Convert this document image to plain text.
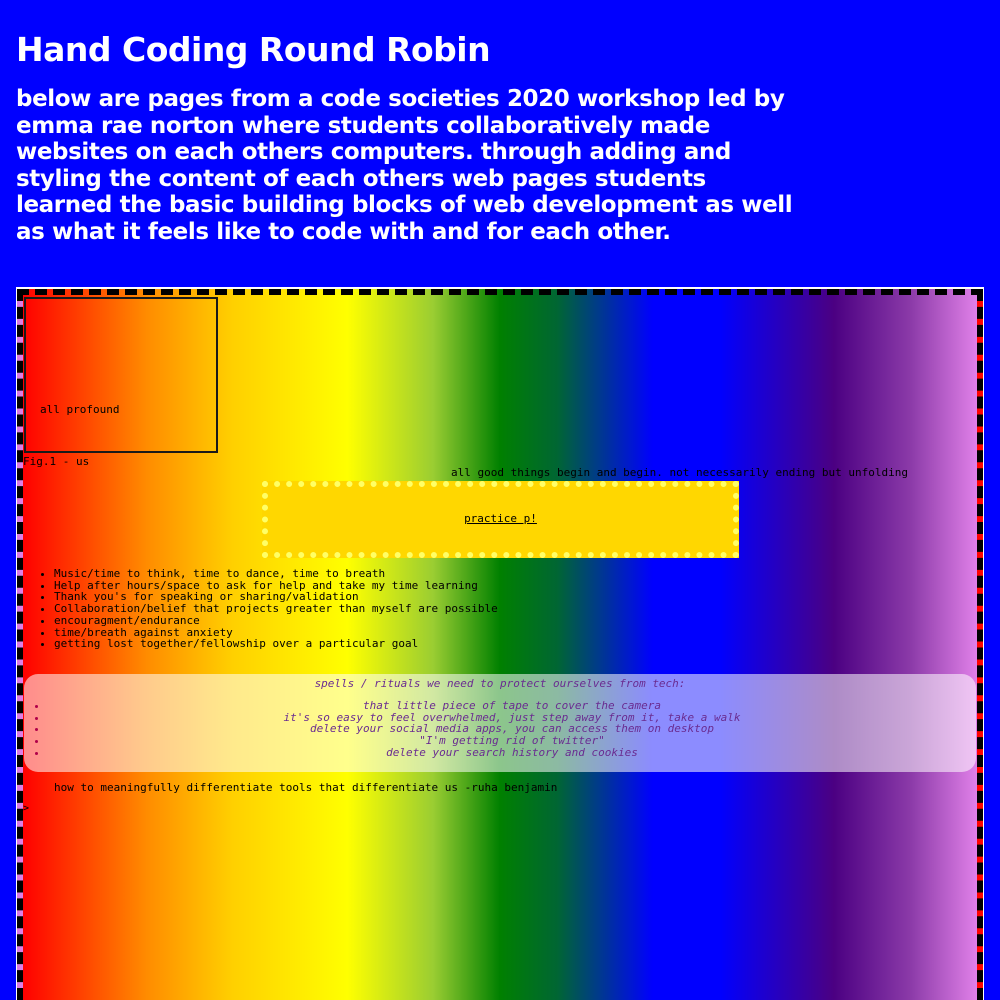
Hand Coding Round Robin

below are pages from a code societies 2020 workshop led by emma rae norton where students collaboratively made websites on each others computers. through adding and styling the content of each others web pages students learned the basic building blocks of web development as well as what it feels like to code with and for each other.

all profound
Fig.1 - us
all good things begin and begin. not necessarily ending but unfolding
practice p!
• Music/time to think, time to dance, time to breath
• Help after hours/space to ask for help and take my time learning
• Thank you's for speaking or sharing/validation
• Collaboration/belief that projects greater than myself are possible
• encouragment/endurance
• time/breath against anxiety
• getting lost together/fellowship over a particular goal

spells / rituals we need to protect ourselves from tech:

• that little piece of tape to cover the camera
• it's so easy to feel overwhelmed, just step away from it, take a walk
• delete your social media apps, you can access them on desktop
• "I'm getting rid of twitter"
• delete your search history and cookies
how to meaningfully differentiate tools that differentiate us -ruha benjamin
>
